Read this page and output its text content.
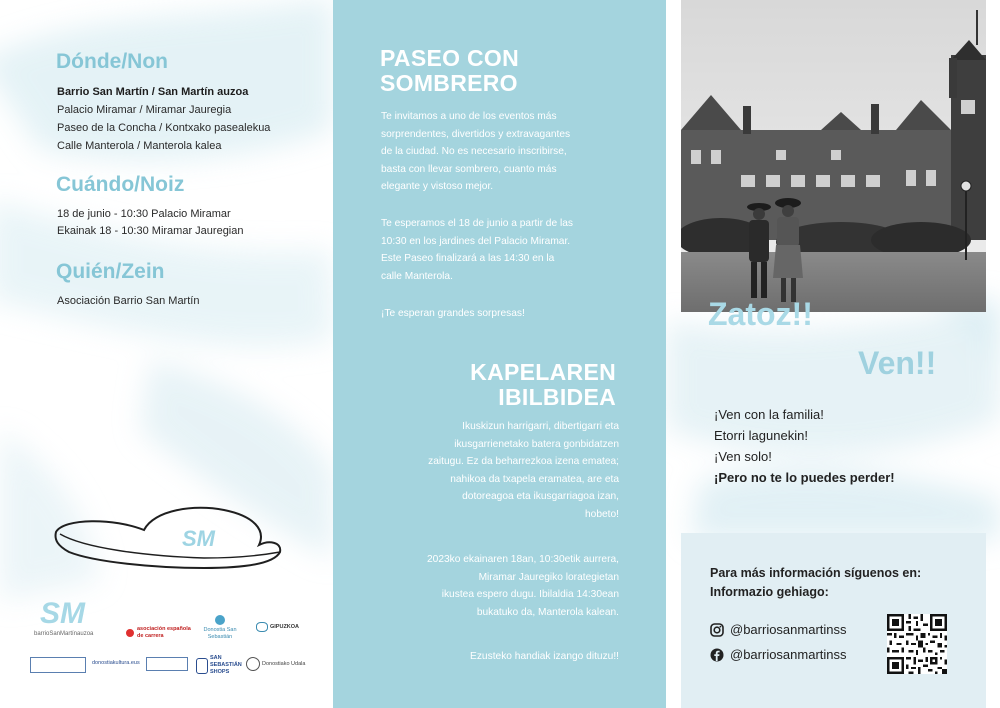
Dónde/Non
Barrio San Martín / San Martín auzoa
Palacio Miramar / Miramar Jauregia
Paseo de la Concha / Kontxako pasealekua
Calle Manterola / Manterola kalea
Cuándo/Noiz
18 de junio - 10:30 Palacio Miramar
Ekainak 18 - 10:30 Miramar Jauregian
Quién/Zein
Asociación Barrio San Martín
SM
SM
barrioSanMartínauzoa
asociación española de carrera
Donostia San Sebastián
GIPUZKOA
donostiakultura.eus
SAN SEBASTIÁN SHOPS
Donostiako Udala
PASEO CON
SOMBRERO
Te invitamos a uno de los eventos más
sorprendentes, divertidos y extravagantes
de la ciudad. No es necesario inscribirse,
basta con llevar sombrero, cuanto más
elegante y vistoso mejor.
Te esperamos el 18 de junio a partir de las
10:30 en los jardines del Palacio Miramar.
Este Paseo finalizará a las 14:30 en la
calle Manterola.
¡Te esperan grandes sorpresas!
KAPELAREN
IBILBIDEA
Ikuskizun harrigarri, dibertigarri eta
ikusgarrienetako batera gonbidatzen
zaitugu. Ez da beharrezkoa izena ematea;
nahikoa da txapela eramatea, are eta
dotoreagoa eta ikusgarriagoa izan,
hobeto!
2023ko ekainaren 18an, 10:30etik aurrera,
Miramar Jauregiko lorategietan
ikustea espero dugu. Ibilaldia 14:30ean
bukatuko da, Manterola kalean.
Ezusteko handiak izango dituzu!!
Zatoz!!
Ven!!
¡Ven con la familia!
Etorri lagunekin!
¡Ven solo!
¡Pero no te lo puedes perder!
Para más información síguenos en:
Informazio gehiago:
@barriosanmartinss
@barriosanmartinss
